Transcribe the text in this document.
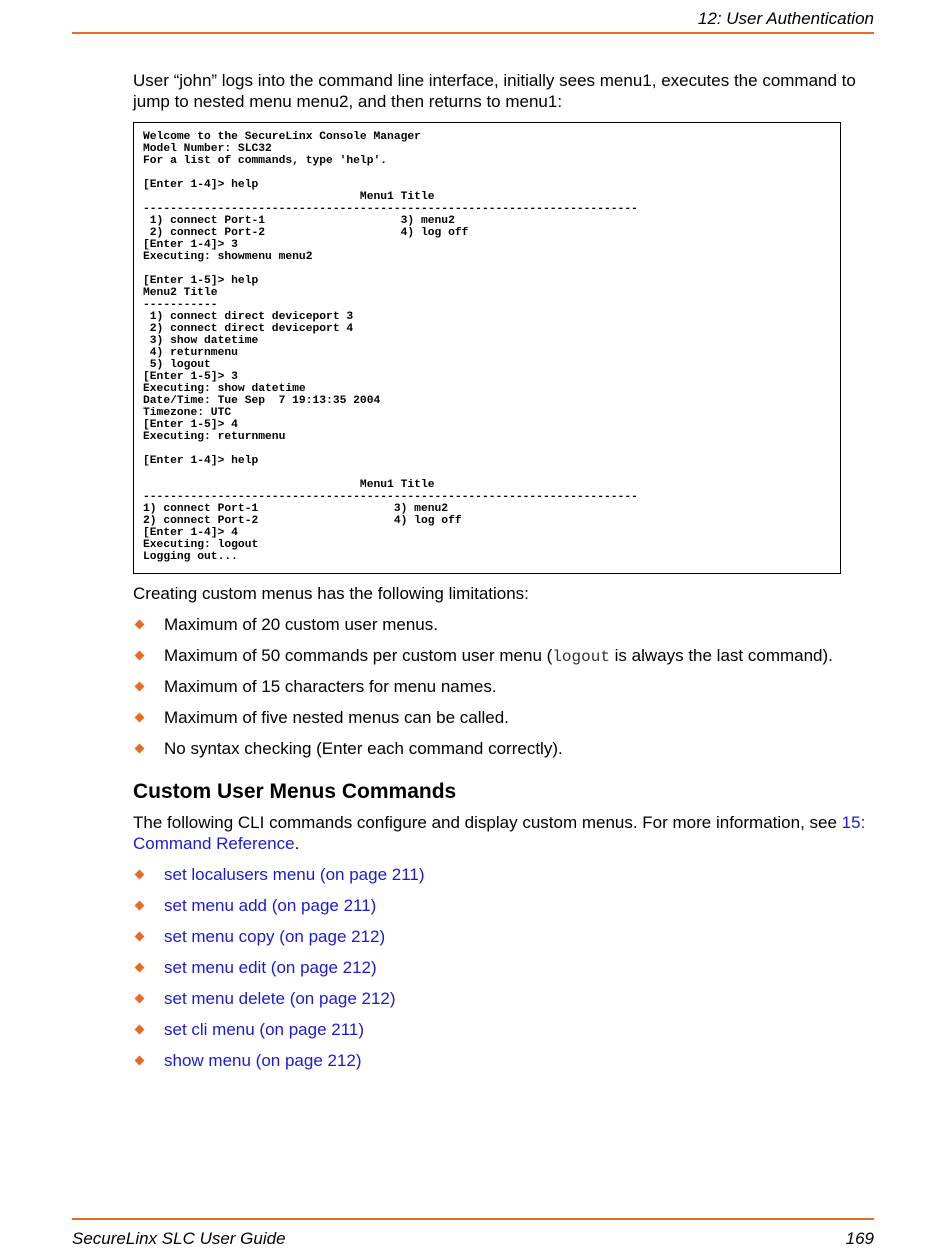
12: User Authentication

User “john” logs into the command line interface, initially sees menu1, executes the command to jump to nested menu menu2, and then returns to menu1:

Welcome to the SecureLinx Console Manager
Model Number: SLC32
For a list of commands, type 'help'.

[Enter 1-4]> help
Menu1 Title
-------------------------------------------------------------------------
1) connect Port-1                    3) menu2
2) connect Port-2                    4) log off
[Enter 1-4]> 3
Executing: showmenu menu2

[Enter 1-5]> help
Menu2 Title
-----------
1) connect direct deviceport 3
2) connect direct deviceport 4
3) show datetime
4) returnmenu
5) logout
[Enter 1-5]> 3
Executing: show datetime
Date/Time: Tue Sep  7 19:13:35 2004
Timezone: UTC
[Enter 1-5]> 4
Executing: returnmenu

[Enter 1-4]> help

Menu1 Title
-------------------------------------------------------------------------
1) connect Port-1                    3) menu2
2) connect Port-2                    4) log off
[Enter 1-4]> 4
Executing: logout
Logging out...

Creating custom menus has the following limitations:

Maximum of 20 custom user menus.
Maximum of 50 commands per custom user menu (logout is always the last command).
Maximum of 15 characters for menu names.
Maximum of five nested menus can be called.
No syntax checking (Enter each command correctly).
Custom User Menus Commands

The following CLI commands configure and display custom menus. For more information, see 15: Command Reference.

set localusers menu (on page 211)
set menu add (on page 211)
set menu copy (on page 212)
set menu edit (on page 212)
set menu delete (on page 212)
set cli menu (on page 211)
show menu (on page 212)
SecureLinx SLC User Guide	169
